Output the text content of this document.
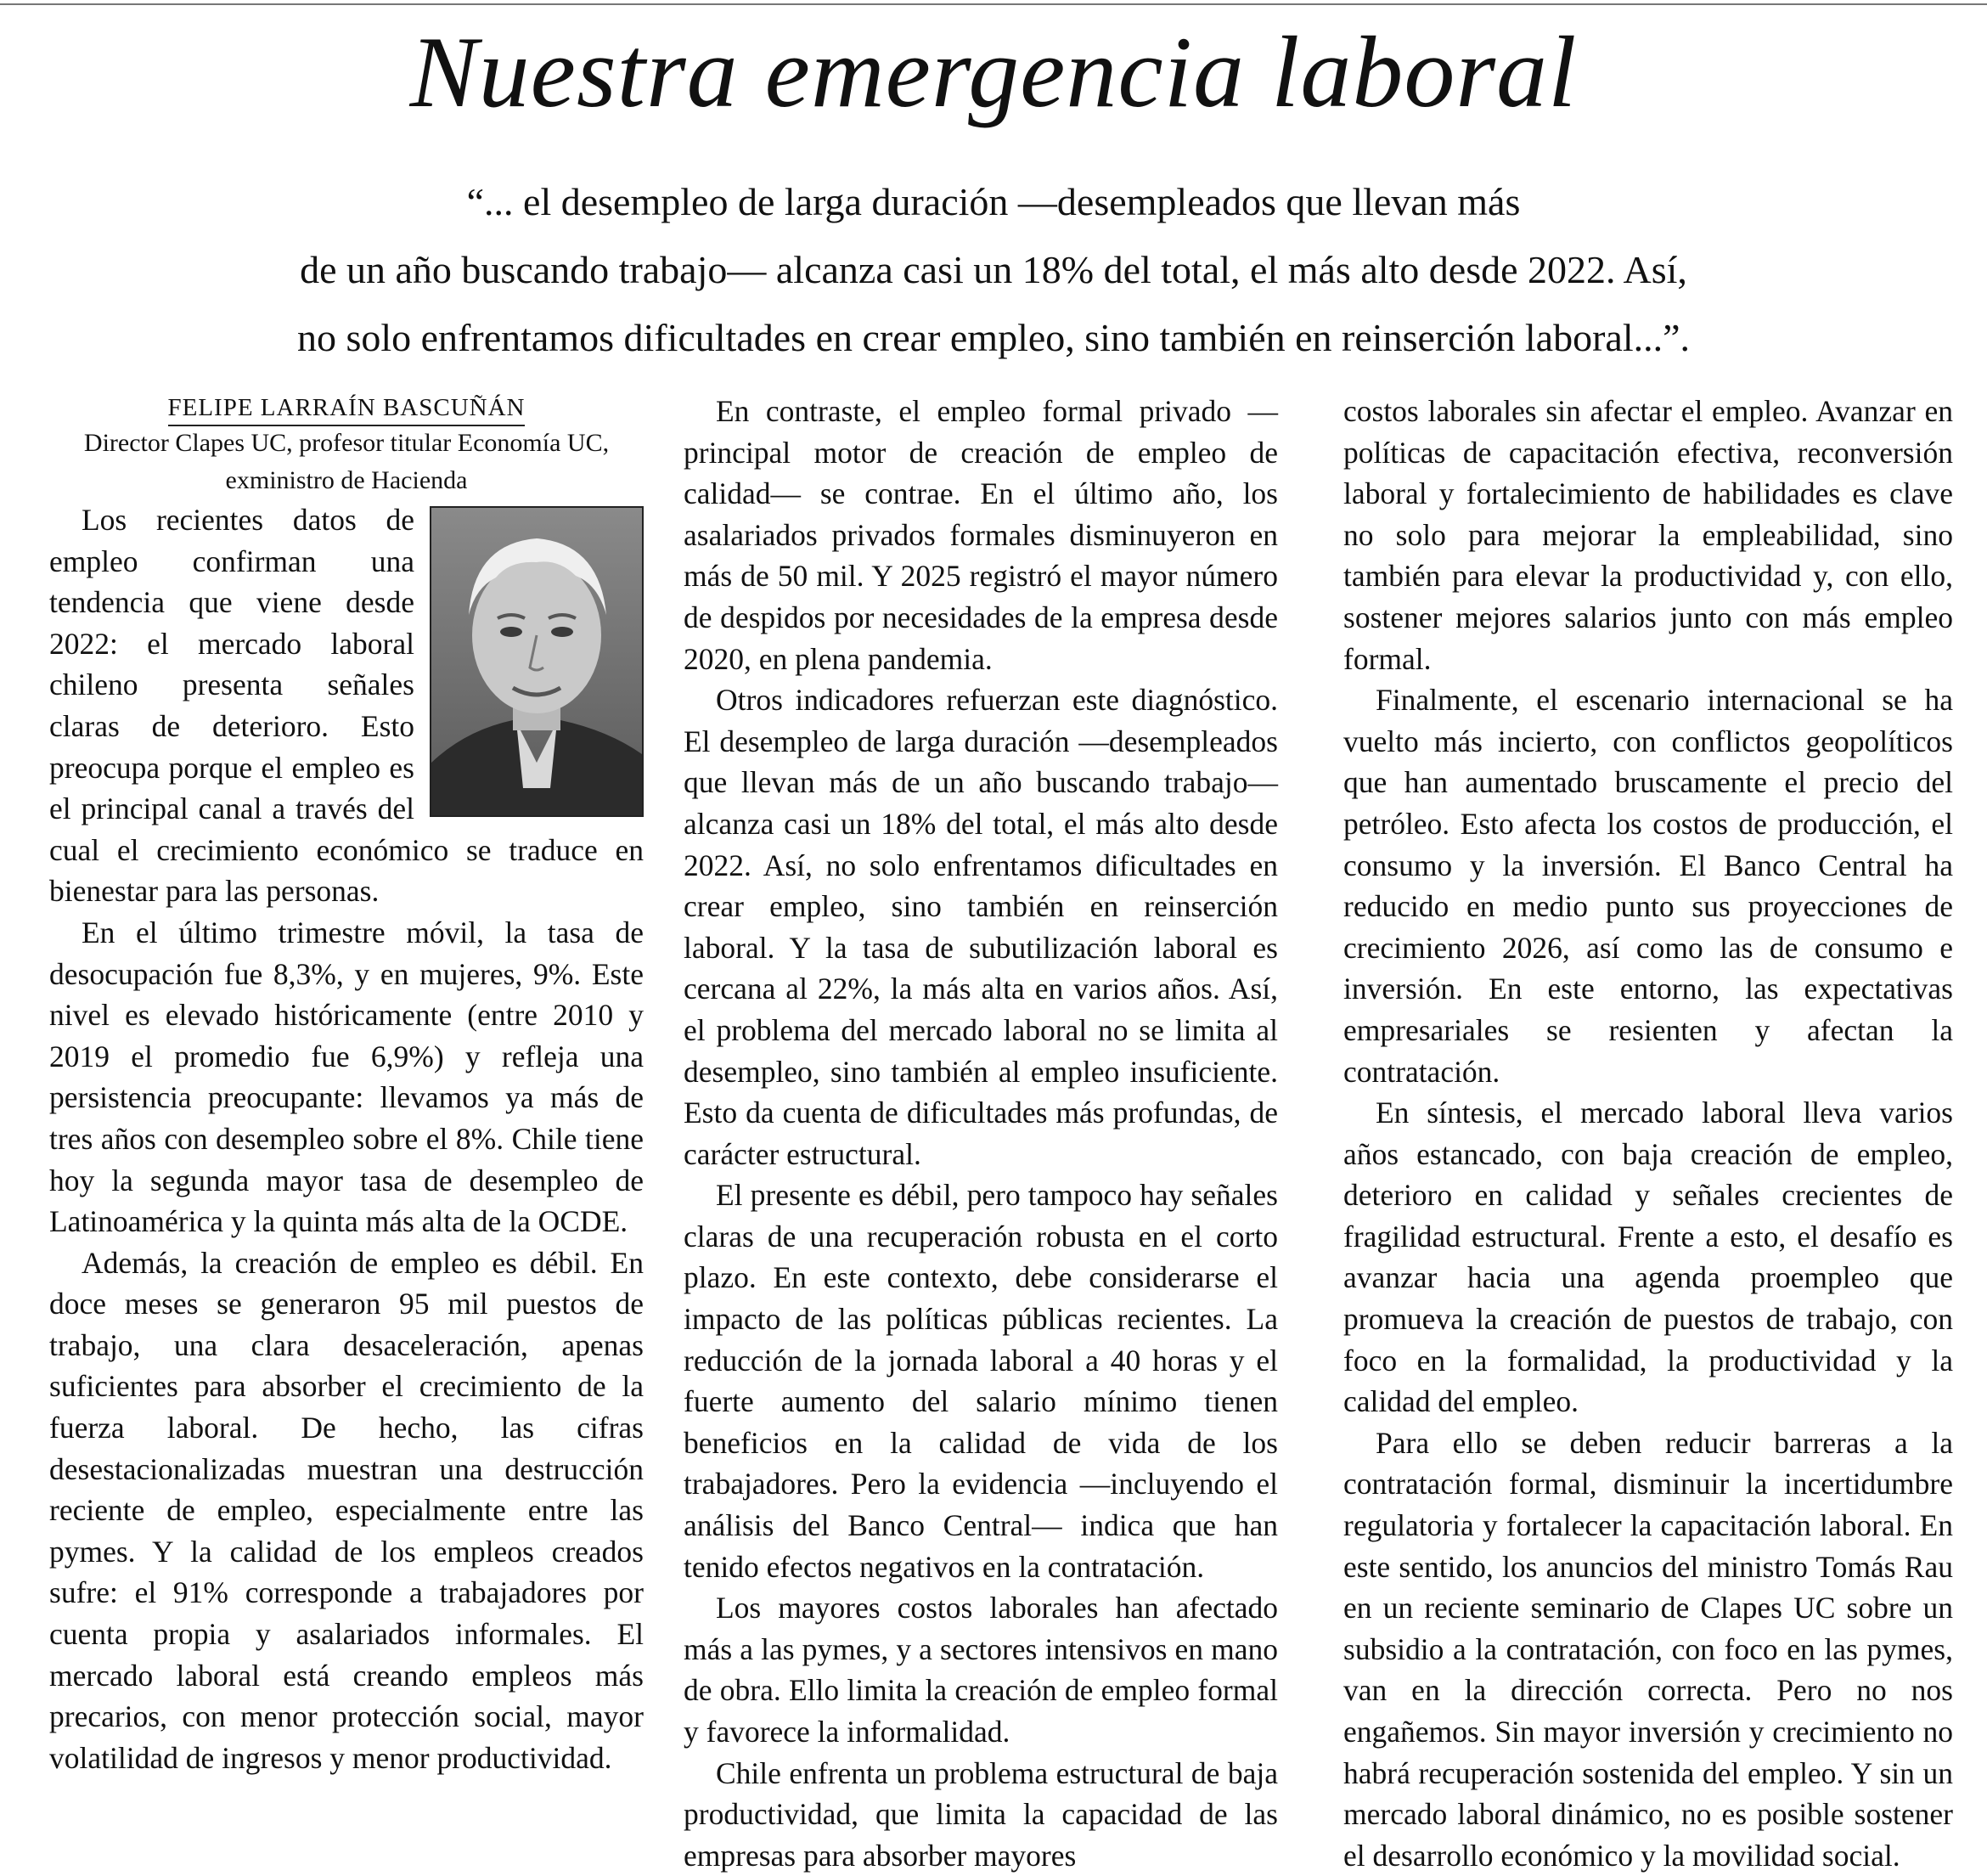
Nuestra emergencia laboral
“... el desempleo de larga duración —desempleados que llevan más
de un año buscando trabajo— alcanza casi un 18% del total, el más alto desde 2022. Así,
no solo enfrentamos dificultades en crear empleo, sino también en reinserción laboral...”.

FELIPE LARRAÍN BASCUÑÁN

Director Clapes UC, profesor titular Economía UC, exministro de Hacienda

Los recientes datos de empleo confirman una tendencia que viene desde 2022: el mercado laboral chileno presenta señales claras de deterioro. Esto preocupa porque el empleo es el principal canal a través del cual el crecimiento económico se traduce en bienestar para las personas.

En el último trimestre móvil, la tasa de desocupación fue 8,3%, y en mujeres, 9%. Este nivel es elevado históricamente (entre 2010 y 2019 el promedio fue 6,9%) y refleja una persistencia preocupante: llevamos ya más de tres años con desempleo sobre el 8%. Chile tiene hoy la segunda mayor tasa de desempleo de Latinoamérica y la quinta más alta de la OCDE.

Además, la creación de empleo es débil. En doce meses se generaron 95 mil puestos de trabajo, una clara desaceleración, apenas suficientes para absorber el crecimiento de la fuerza laboral. De hecho, las cifras desestacionalizadas muestran una destrucción reciente de empleo, especialmente entre las pymes. Y la calidad de los empleos creados sufre: el 91% corresponde a trabajadores por cuenta propia y asalariados informales. El mercado laboral está creando empleos más precarios, con menor protección social, mayor volatilidad de ingresos y menor productividad.

En contraste, el empleo formal privado —principal motor de creación de empleo de calidad— se contrae. En el último año, los asalariados privados formales disminuyeron en más de 50 mil. Y 2025 registró el mayor número de despidos por necesidades de la empresa desde 2020, en plena pandemia.

Otros indicadores refuerzan este diagnóstico. El desempleo de larga duración —desempleados que llevan más de un año buscando trabajo— alcanza casi un 18% del total, el más alto desde 2022. Así, no solo enfrentamos dificultades en crear empleo, sino también en reinserción laboral. Y la tasa de subutilización laboral es cercana al 22%, la más alta en varios años. Así, el problema del mercado laboral no se limita al desempleo, sino también al empleo insuficiente. Esto da cuenta de dificultades más profundas, de carácter estructural.

El presente es débil, pero tampoco hay señales claras de una recuperación robusta en el corto plazo. En este contexto, debe considerarse el impacto de las políticas públicas recientes. La reducción de la jornada laboral a 40 horas y el fuerte aumento del salario mínimo tienen beneficios en la calidad de vida de los trabajadores. Pero la evidencia —incluyendo el análisis del Banco Central— indica que han tenido efectos negativos en la contratación.

Los mayores costos laborales han afectado más a las pymes, y a sectores intensivos en mano de obra. Ello limita la creación de empleo formal y favorece la informalidad.

Chile enfrenta un problema estructural de baja productividad, que limita la capacidad de las empresas para absorber mayores

costos laborales sin afectar el empleo. Avanzar en políticas de capacitación efectiva, reconversión laboral y fortalecimiento de habilidades es clave no solo para mejorar la empleabilidad, sino también para elevar la productividad y, con ello, sostener mejores salarios junto con más empleo formal.

Finalmente, el escenario internacional se ha vuelto más incierto, con conflictos geopolíticos que han aumentado bruscamente el precio del petróleo. Esto afecta los costos de producción, el consumo y la inversión. El Banco Central ha reducido en medio punto sus proyecciones de crecimiento 2026, así como las de consumo e inversión. En este entorno, las expectativas empresariales se resienten y afectan la contratación.

En síntesis, el mercado laboral lleva varios años estancado, con baja creación de empleo, deterioro en calidad y señales crecientes de fragilidad estructural. Frente a esto, el desafío es avanzar hacia una agenda proempleo que promueva la creación de puestos de trabajo, con foco en la formalidad, la productividad y la calidad del empleo.

Para ello se deben reducir barreras a la contratación formal, disminuir la incertidumbre regulatoria y fortalecer la capacitación laboral. En este sentido, los anuncios del ministro Tomás Rau en un reciente seminario de Clapes UC sobre un subsidio a la contratación, con foco en las pymes, van en la dirección correcta. Pero no nos engañemos. Sin mayor inversión y crecimiento no habrá recuperación sostenida del empleo. Y sin un mercado laboral dinámico, no es posible sostener el desarrollo económico y la movilidad social.
